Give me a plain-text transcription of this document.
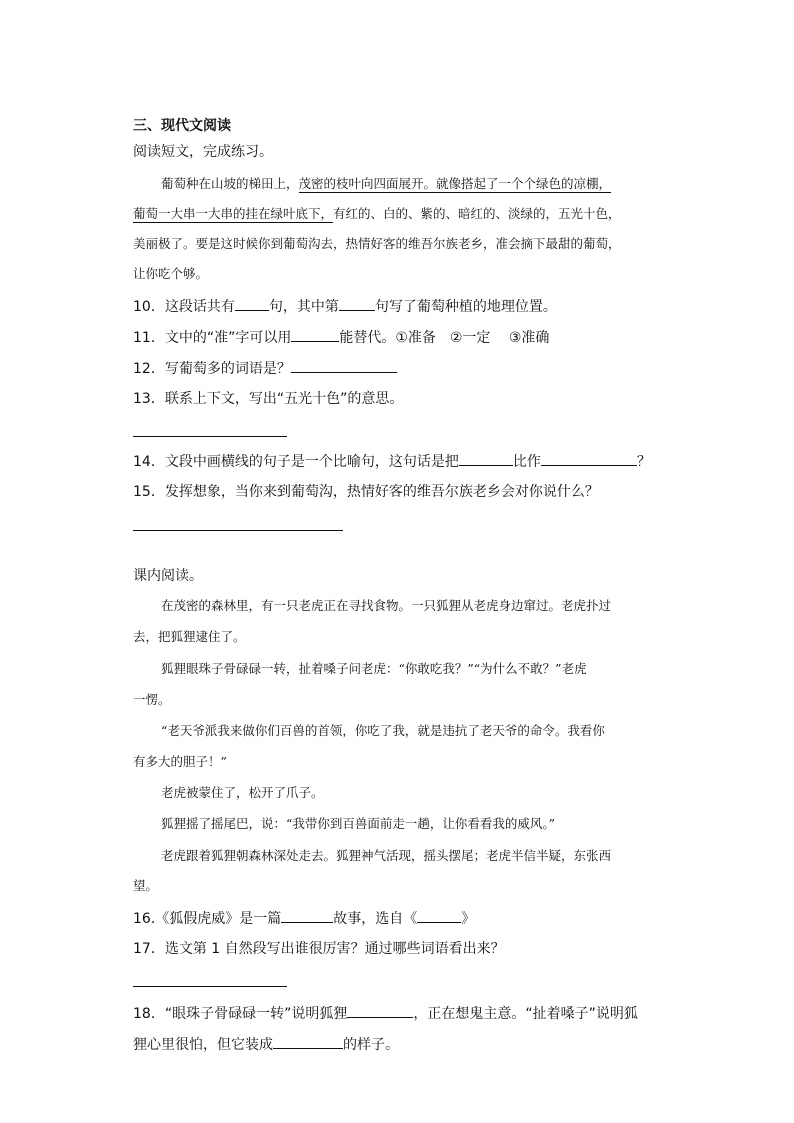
三、现代文阅读
阅读短文，完成练习。
葡萄种在山坡的梯田上，茂密的枝叶向四面展开。就像搭起了一个个绿色的凉棚，
葡萄一大串一大串的挂在绿叶底下，有红的、白的、紫的、暗红的、淡绿的，五光十色，
美丽极了。要是这时候你到葡萄沟去，热情好客的维吾尔族老乡，准会摘下最甜的葡萄，
让你吃个够。
10．这段话共有 句，其中第	句写了葡萄种植的地理位置。
11．文中的“准”字可以用	能替代。①准备　②一定　 ③准确
12．写葡萄多的词语是？
13．联系上下文，写出“五光十色”的意思。
14．文段中画横线的句子是一个比喻句，这句话是把	比作	？
15．发挥想象，当你来到葡萄沟，热情好客的维吾尔族老乡会对你说什么？
课内阅读。
在茂密的森林里，有一只老虎正在寻找食物。一只狐狸从老虎身边窜过。老虎扑过
去，把狐狸逮住了。
狐狸眼珠子骨碌碌一转，扯着嗓子问老虎：“你敢吃我？”“为什么不敢？”老虎
一愣。
“老天爷派我来做你们百兽的首领，你吃了我，就是违抗了老天爷的命令。我看你
有多大的胆子！”
老虎被蒙住了，松开了爪子。
狐狸摇了摇尾巴，说：“我带你到百兽面前走一趟，让你看看我的威风。”
老虎跟着狐狸朝森林深处走去。狐狸神气活现，摇头摆尾；老虎半信半疑，东张西
望。
16.《狐假虎威》是一篇	故事，选自《	》
17．选文第 1 自然段写出谁很厉害？通过哪些词语看出来？
18．“眼珠子骨碌碌一转”说明狐狸	，正在想鬼主意。“扯着嗓子”说明狐
狸心里很怕，但它装成	的样子。
